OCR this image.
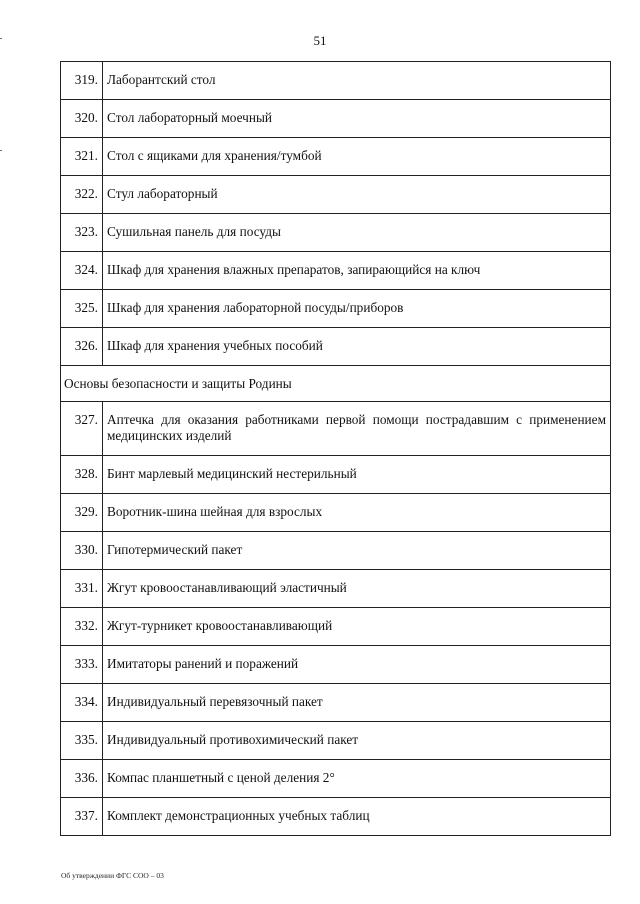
51
319.	Лаборантский стол
320.	Стол лабораторный моечный
321.	Стол с ящиками для хранения/тумбой
322.	Стул лабораторный
323.	Сушильная панель для посуды
324.	Шкаф для хранения влажных препаратов, запирающийся на ключ
325.	Шкаф для хранения лабораторной посуды/приборов
326.	Шкаф для хранения учебных пособий
Основы безопасности и защиты Родины	
327.	Аптечка для оказания работниками первой помощи пострадавшим с применением медицинских изделий
328.	Бинт марлевый медицинский нестерильный
329.	Воротник-шина шейная для взрослых
330.	Гипотермический пакет
331.	Жгут кровоостанавливающий эластичный
332.	Жгут-турникет кровоостанавливающий
333.	Имитаторы ранений и поражений
334.	Индивидуальный перевязочный пакет
335.	Индивидуальный противохимический пакет
336.	Компас планшетный с ценой деления 2°
337.	Комплект демонстрационных учебных таблиц
Об утверждении ФГС СОО – 03
